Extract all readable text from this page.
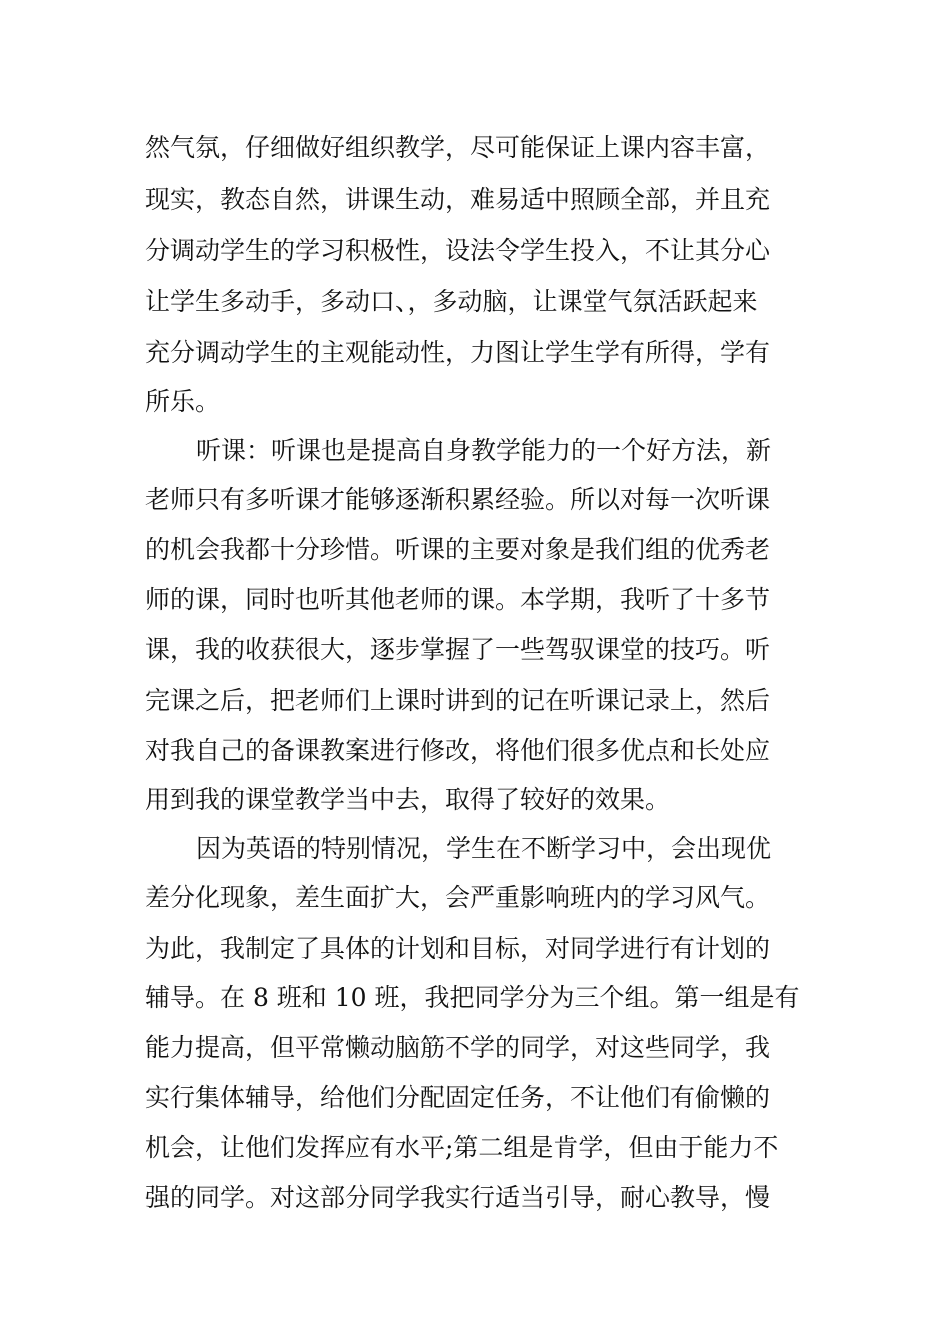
然气氛，仔细做好组织教学，尽可能保证上课内容丰富，
现实，教态自然，讲课生动，难易适中照顾全部，并且充
分调动学生的学习积极性，设法令学生投入，不让其分心
让学生多动手，多动口、，多动脑，让课堂气氛活跃起来
充分调动学生的主观能动性，力图让学生学有所得，学有
所乐。
听课：听课也是提高自身教学能力的一个好方法，新
老师只有多听课才能够逐渐积累经验。所以对每一次听课
的机会我都十分珍惜。听课的主要对象是我们组的优秀老
师的课，同时也听其他老师的课。本学期，我听了十多节
课，我的收获很大，逐步掌握了一些驾驭课堂的技巧。听
完课之后，把老师们上课时讲到的记在听课记录上，然后
对我自己的备课教案进行修改，将他们很多优点和长处应
用到我的课堂教学当中去，取得了较好的效果。
因为英语的特别情况，学生在不断学习中，会出现优
差分化现象，差生面扩大，会严重影响班内的学习风气。
为此，我制定了具体的计划和目标，对同学进行有计划的
辅导。在 8 班和 10 班，我把同学分为三个组。第一组是有
能力提高，但平常懒动脑筋不学的同学，对这些同学，我
实行集体辅导，给他们分配固定任务，不让他们有偷懒的
机会，让他们发挥应有水平;第二组是肯学，但由于能力不
强的同学。对这部分同学我实行适当引导，耐心教导，慢
